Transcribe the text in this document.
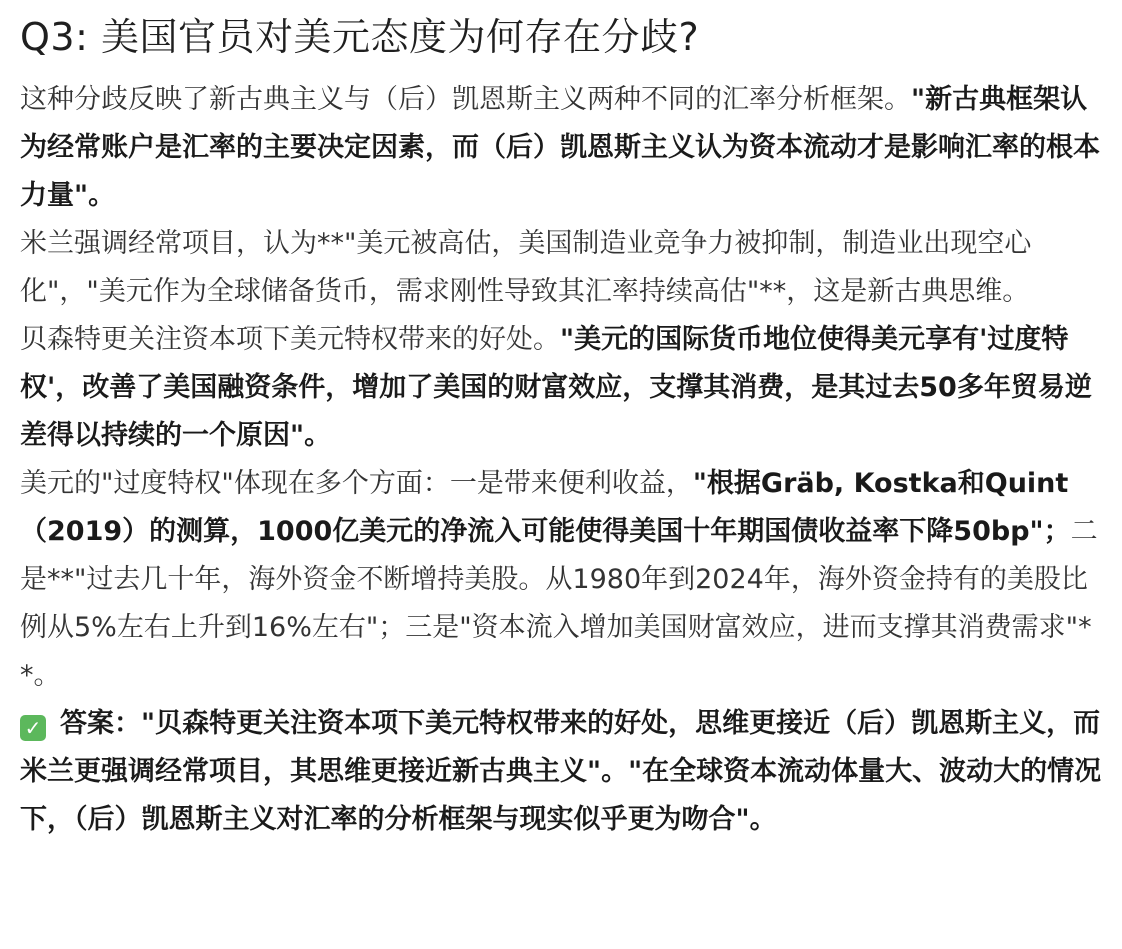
Q3: 美国官员对美元态度为何存在分歧?

这种分歧反映了新古典主义与（后）凯恩斯主义两种不同的汇率分析框架。"新古典框架认为经常账户是汇率的主要决定因素，而（后）凯恩斯主义认为资本流动才是影响汇率的根本力量"。

米兰强调经常项目，认为**"美元被高估，美国制造业竞争力被抑制，制造业出现空心化"，"美元作为全球储备货币，需求刚性导致其汇率持续高估"**，这是新古典思维。

贝森特更关注资本项下美元特权带来的好处。"美元的国际货币地位使得美元享有'过度特权'，改善了美国融资条件，增加了美国的财富效应，支撑其消费，是其过去50多年贸易逆差得以持续的一个原因"。

美元的"过度特权"体现在多个方面：一是带来便利收益，"根据Gräb, Kostka和Quint（2019）的测算，1000亿美元的净流入可能使得美国十年期国债收益率下降50bp"；二是**"过去几十年，海外资金不断增持美股。从1980年到2024年，海外资金持有的美股比例从5%左右上升到16%左右"；三是"资本流入增加美国财富效应，进而支撑其消费需求"**。

✓ 答案："贝森特更关注资本项下美元特权带来的好处，思维更接近（后）凯恩斯主义，而米兰更强调经常项目，其思维更接近新古典主义"。"在全球资本流动体量大、波动大的情况下，（后）凯恩斯主义对汇率的分析框架与现实似乎更为吻合"。
